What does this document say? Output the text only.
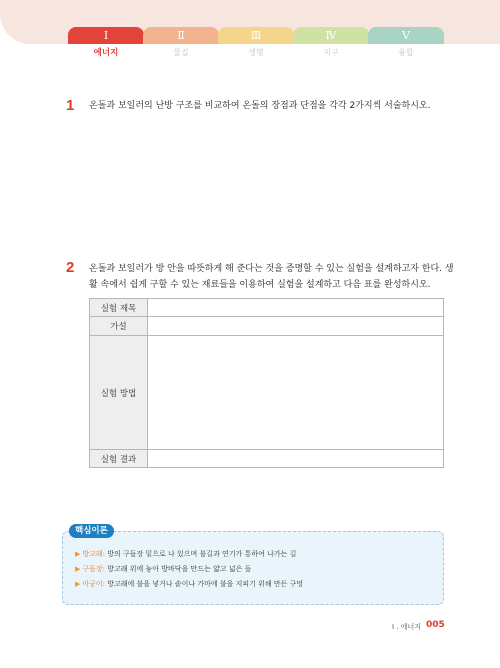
Ⅰ
에너지
Ⅱ
물질
Ⅲ
생명
Ⅳ
지구
Ⅴ
융합
1 온돌과 보일러의 난방 구조를 비교하여 온돌의 장점과 단점을 각각 2가지씩 서술하시오.
2 온돌과 보일러가 방 안을 따뜻하게 해 준다는 것을 증명할 수 있는 실험을 설계하고자 한다. 생
활 속에서 쉽게 구할 수 있는 재료들을 이용하여 실험을 설계하고 다음 표를 완성하시오.
실험 제목	
가설	
실험 방법	
실험 결과	
▶ 방고래: 방의 구들장 밑으로 나 있으며 불길과 연기가 통하여 나가는 길
▶ 구들장: 방고래 위에 놓아 방바닥을 만드는 얇고 넓은 돌
▶ 아궁이: 방고래에 불을 넣거나 솥이나 가마에 불을 지피기 위해 만든 구멍
핵심이론
Ⅰ . 에너지 005
